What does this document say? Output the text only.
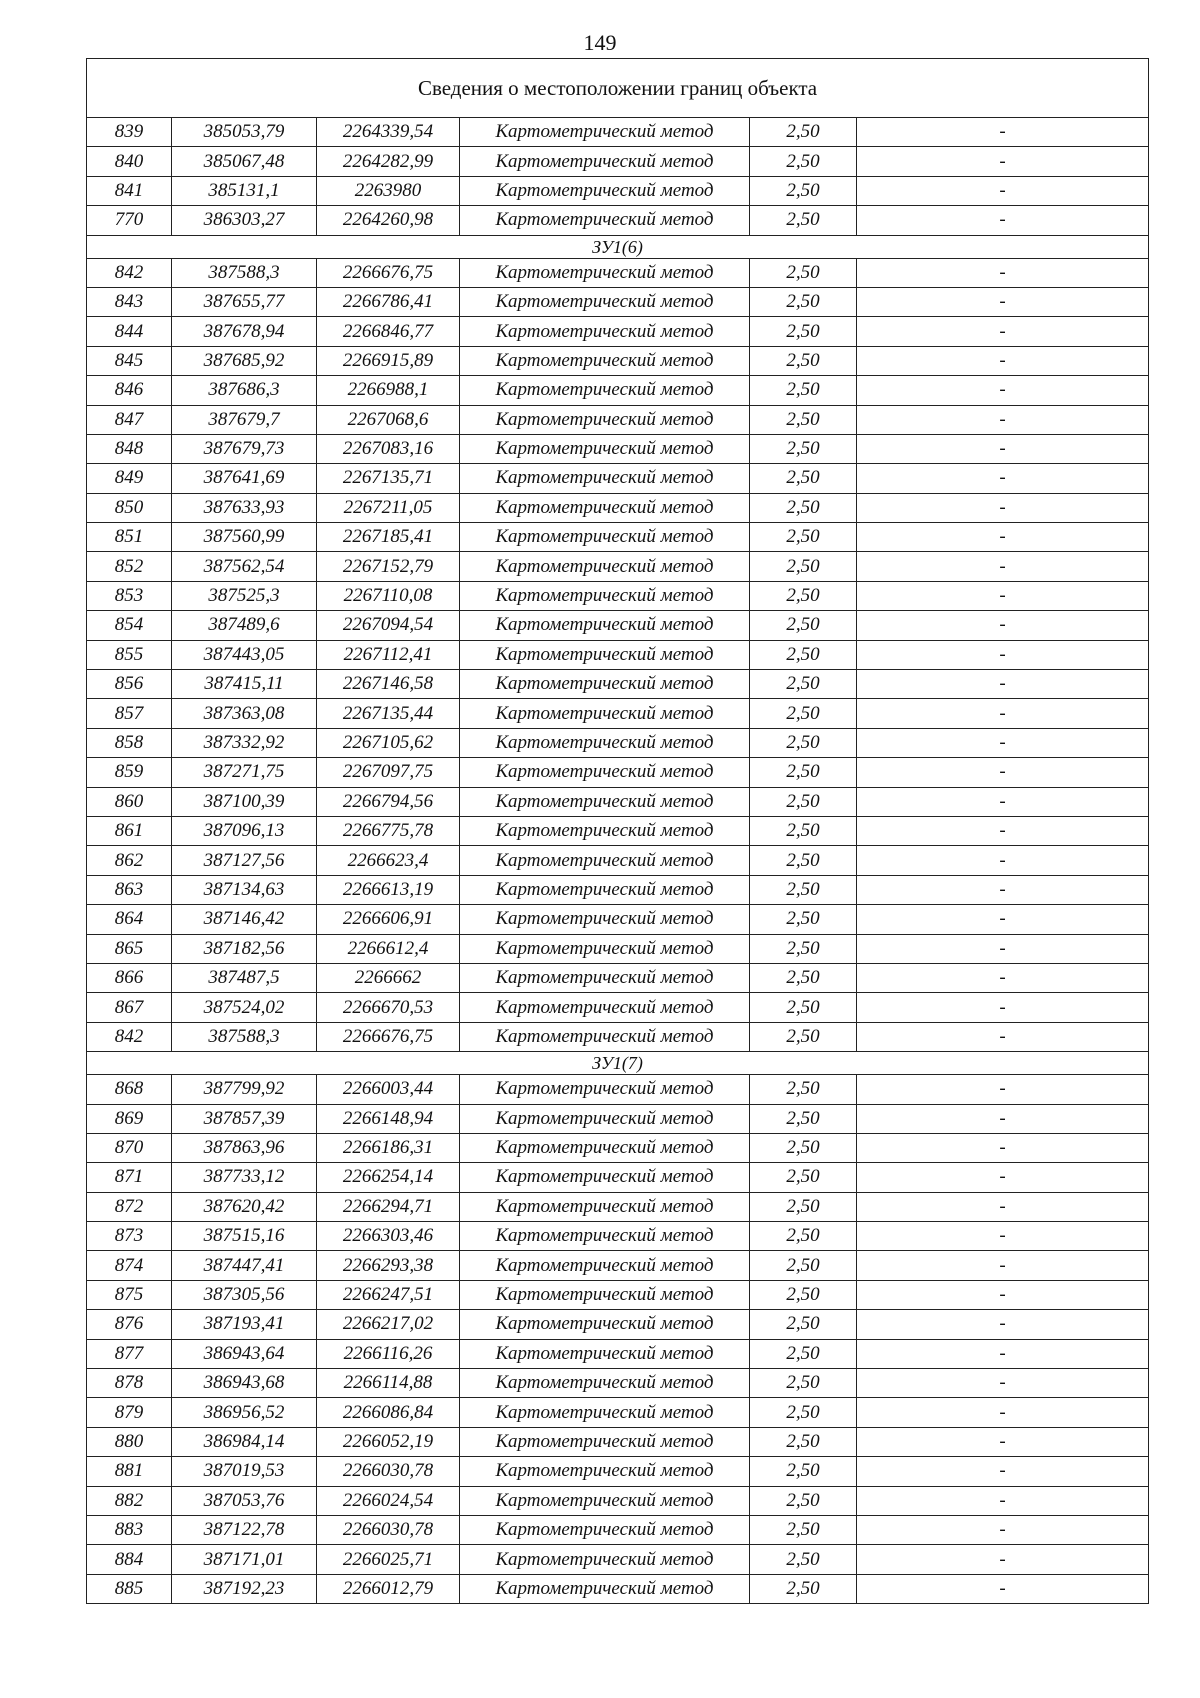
149
Сведения о местоположении границ объекта					
839	385053,79	2264339,54	Картометрический метод	2,50	-
840	385067,48	2264282,99	Картометрический метод	2,50	-
841	385131,1	2263980	Картометрический метод	2,50	-
770	386303,27	2264260,98	Картометрический метод	2,50	-
ЗУ1(6)					
842	387588,3	2266676,75	Картометрический метод	2,50	-
843	387655,77	2266786,41	Картометрический метод	2,50	-
844	387678,94	2266846,77	Картометрический метод	2,50	-
845	387685,92	2266915,89	Картометрический метод	2,50	-
846	387686,3	2266988,1	Картометрический метод	2,50	-
847	387679,7	2267068,6	Картометрический метод	2,50	-
848	387679,73	2267083,16	Картометрический метод	2,50	-
849	387641,69	2267135,71	Картометрический метод	2,50	-
850	387633,93	2267211,05	Картометрический метод	2,50	-
851	387560,99	2267185,41	Картометрический метод	2,50	-
852	387562,54	2267152,79	Картометрический метод	2,50	-
853	387525,3	2267110,08	Картометрический метод	2,50	-
854	387489,6	2267094,54	Картометрический метод	2,50	-
855	387443,05	2267112,41	Картометрический метод	2,50	-
856	387415,11	2267146,58	Картометрический метод	2,50	-
857	387363,08	2267135,44	Картометрический метод	2,50	-
858	387332,92	2267105,62	Картометрический метод	2,50	-
859	387271,75	2267097,75	Картометрический метод	2,50	-
860	387100,39	2266794,56	Картометрический метод	2,50	-
861	387096,13	2266775,78	Картометрический метод	2,50	-
862	387127,56	2266623,4	Картометрический метод	2,50	-
863	387134,63	2266613,19	Картометрический метод	2,50	-
864	387146,42	2266606,91	Картометрический метод	2,50	-
865	387182,56	2266612,4	Картометрический метод	2,50	-
866	387487,5	2266662	Картометрический метод	2,50	-
867	387524,02	2266670,53	Картометрический метод	2,50	-
842	387588,3	2266676,75	Картометрический метод	2,50	-
ЗУ1(7)					
868	387799,92	2266003,44	Картометрический метод	2,50	-
869	387857,39	2266148,94	Картометрический метод	2,50	-
870	387863,96	2266186,31	Картометрический метод	2,50	-
871	387733,12	2266254,14	Картометрический метод	2,50	-
872	387620,42	2266294,71	Картометрический метод	2,50	-
873	387515,16	2266303,46	Картометрический метод	2,50	-
874	387447,41	2266293,38	Картометрический метод	2,50	-
875	387305,56	2266247,51	Картометрический метод	2,50	-
876	387193,41	2266217,02	Картометрический метод	2,50	-
877	386943,64	2266116,26	Картометрический метод	2,50	-
878	386943,68	2266114,88	Картометрический метод	2,50	-
879	386956,52	2266086,84	Картометрический метод	2,50	-
880	386984,14	2266052,19	Картометрический метод	2,50	-
881	387019,53	2266030,78	Картометрический метод	2,50	-
882	387053,76	2266024,54	Картометрический метод	2,50	-
883	387122,78	2266030,78	Картометрический метод	2,50	-
884	387171,01	2266025,71	Картометрический метод	2,50	-
885	387192,23	2266012,79	Картометрический метод	2,50	-
